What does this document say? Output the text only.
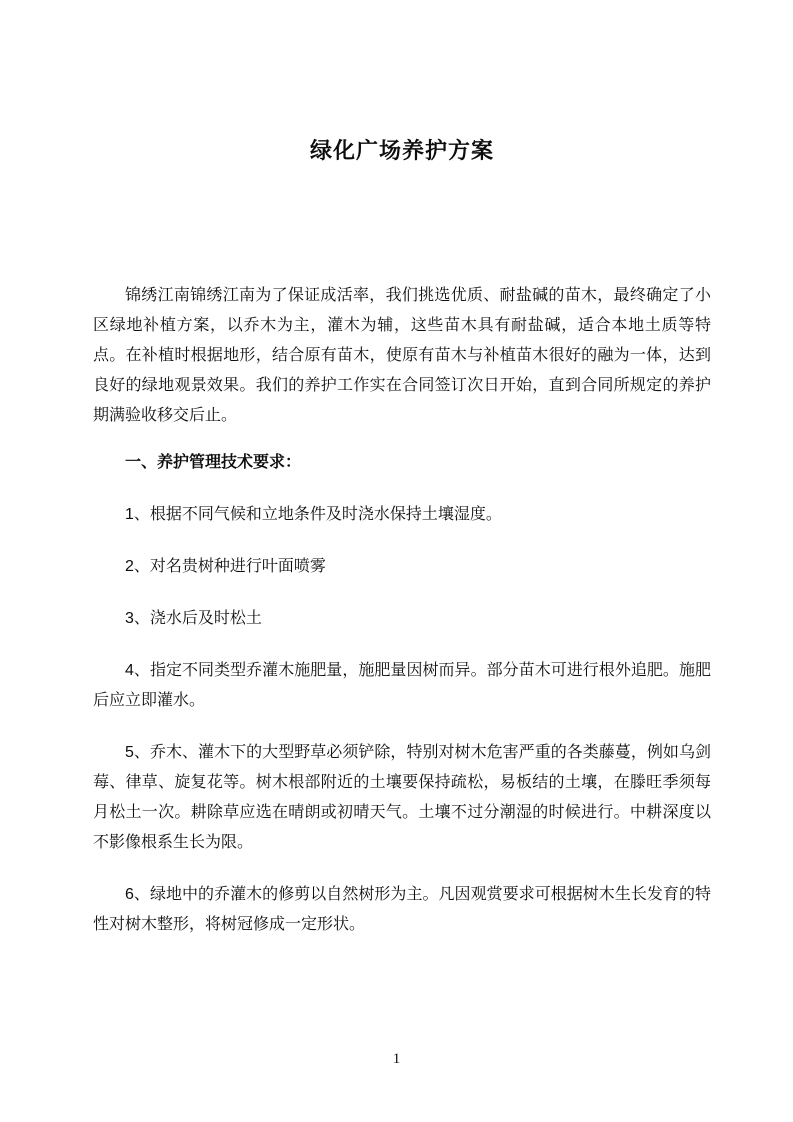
绿化广场养护方案

锦绣江南锦绣江南为了保证成活率，我们挑选优质、耐盐碱的苗木，最终确定了小区绿地补植方案，以乔木为主，灌木为辅，这些苗木具有耐盐碱，适合本地土质等特点。在补植时根据地形，结合原有苗木，使原有苗木与补植苗木很好的融为一体，达到良好的绿地观景效果。我们的养护工作实在合同签订次日开始，直到合同所规定的养护期满验收移交后止。

一、养护管理技术要求：

1、根据不同气候和立地条件及时浇水保持土壤湿度。

2、对名贵树种进行叶面喷雾

3、浇水后及时松土

4、指定不同类型乔灌木施肥量，施肥量因树而异。部分苗木可进行根外追肥。施肥后应立即灌水。

5、乔木、灌木下的大型野草必须铲除，特别对树木危害严重的各类藤蔓，例如乌剑莓、律草、旋复花等。树木根部附近的土壤要保持疏松，易板结的土壤，在滕旺季须每月松土一次。耕除草应选在晴朗或初晴天气。土壤不过分潮湿的时候进行。中耕深度以不影像根系生长为限。

6、绿地中的乔灌木的修剪以自然树形为主。凡因观赏要求可根据树木生长发育的特性对树木整形，将树冠修成一定形状。

1
